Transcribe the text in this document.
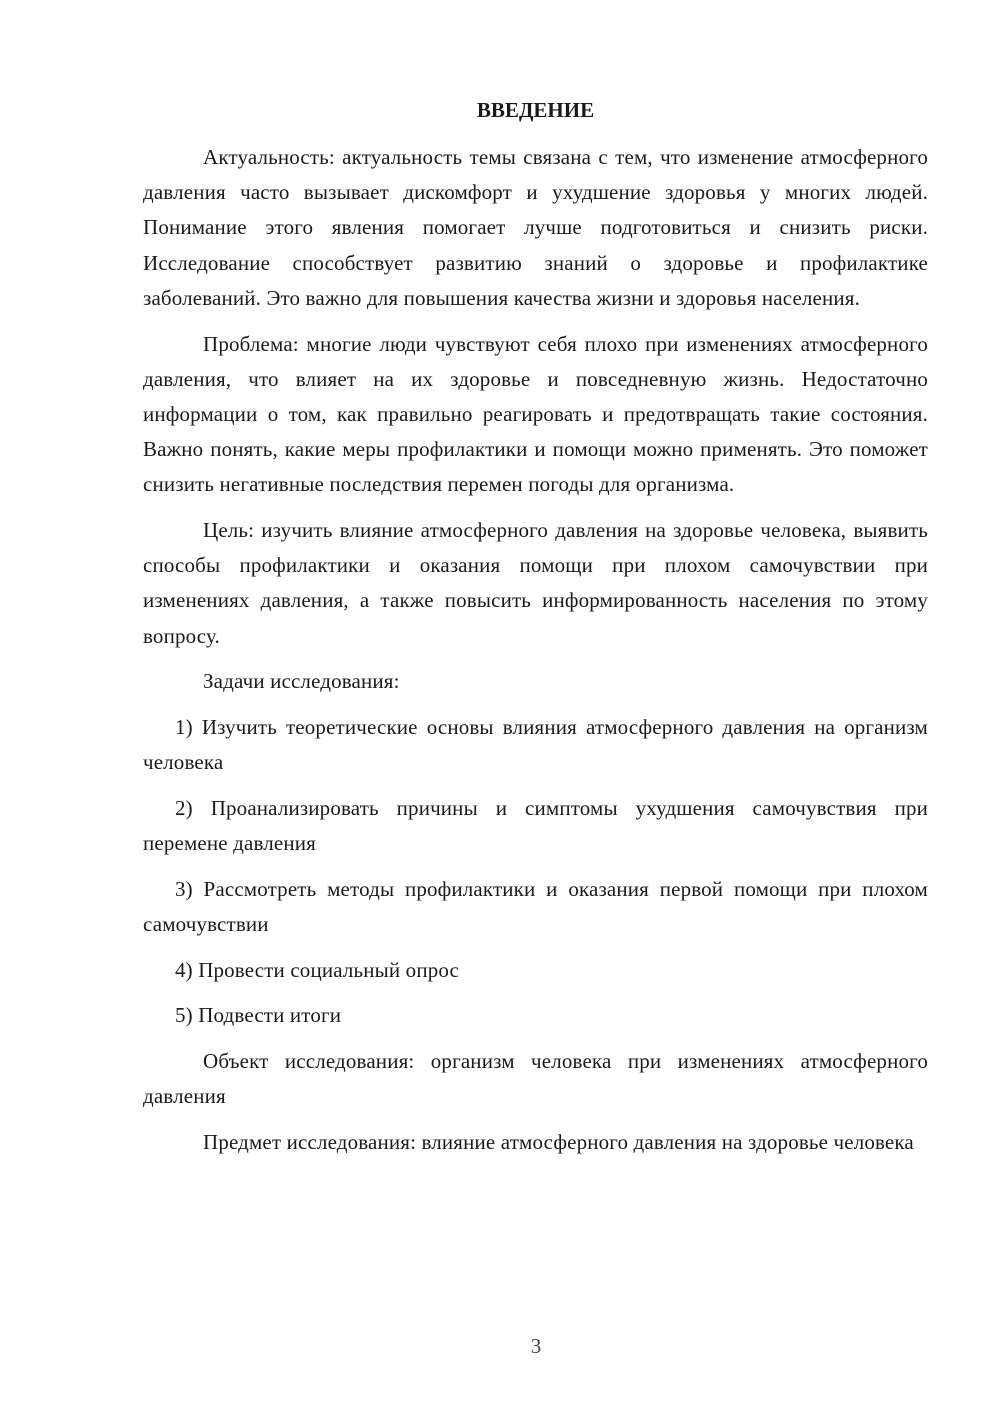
ВВЕДЕНИЕ

Актуальность: актуальность темы связана с тем, что изменение атмосферного давления часто вызывает дискомфорт и ухудшение здоровья у многих людей. Понимание этого явления помогает лучше подготовиться и снизить риски. Исследование способствует развитию знаний о здоровье и профилактике заболеваний. Это важно для повышения качества жизни и здоровья населения.

Проблема: многие люди чувствуют себя плохо при изменениях атмосферного давления, что влияет на их здоровье и повседневную жизнь. Недостаточно информации о том, как правильно реагировать и предотвращать такие состояния. Важно понять, какие меры профилактики и помощи можно применять. Это поможет снизить негативные последствия перемен погоды для организма.

Цель: изучить влияние атмосферного давления на здоровье человека, выявить способы профилактики и оказания помощи при плохом самочувствии при изменениях давления, а также повысить информированность населения по этому вопросу.

Задачи исследования:

1) Изучить теоретические основы влияния атмосферного давления на организм человека

2) Проанализировать причины и симптомы ухудшения самочувствия при перемене давления

3) Рассмотреть методы профилактики и оказания первой помощи при плохом самочувствии

4) Провести социальный опрос

5) Подвести итоги

Объект исследования: организм человека при изменениях атмосферного давления

Предмет исследования: влияние атмосферного давления на здоровье человека

3
